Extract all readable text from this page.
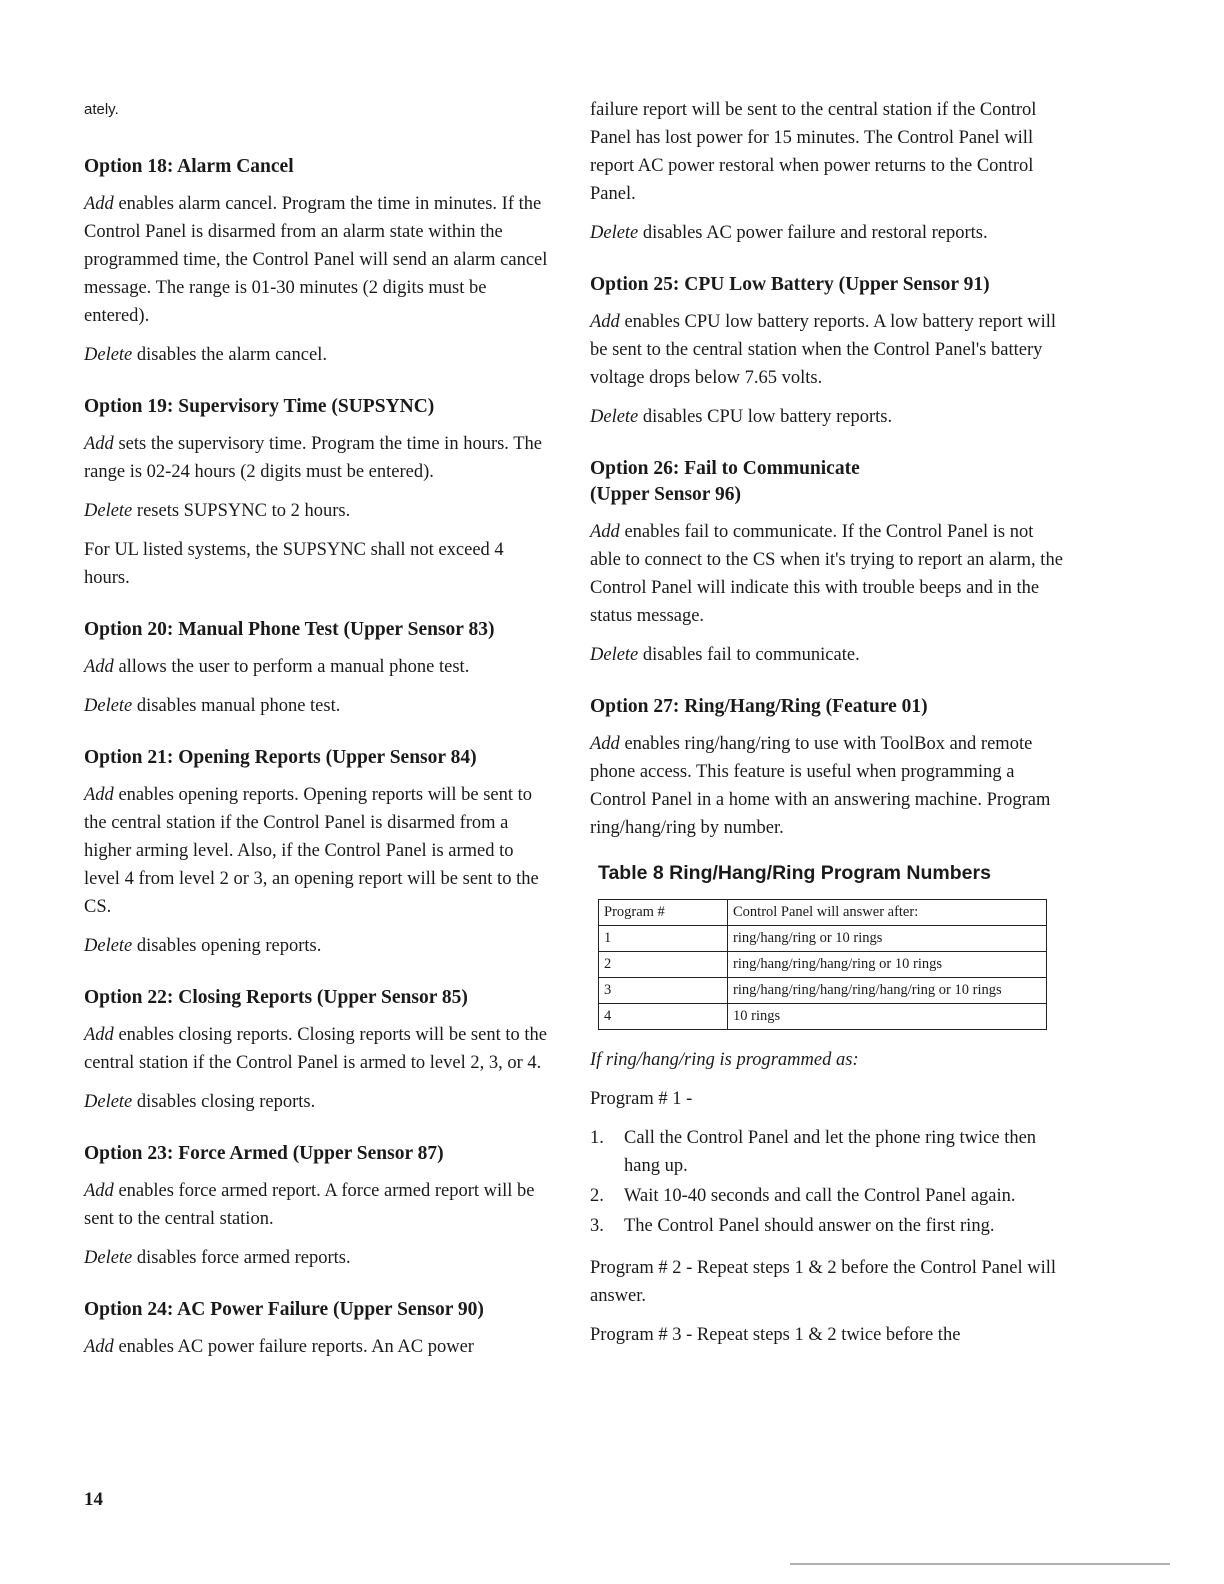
ately.

Option 18: Alarm Cancel

Add enables alarm cancel. Program the time in minutes. If the Control Panel is disarmed from an alarm state within the programmed time, the Control Panel will send an alarm cancel message. The range is 01-30 minutes (2 digits must be entered).

Delete disables the alarm cancel.

Option 19: Supervisory Time (SUPSYNC)

Add sets the supervisory time. Program the time in hours. The range is 02-24 hours (2 digits must be entered).

Delete resets SUPSYNC to 2 hours.

For UL listed systems, the SUPSYNC shall not exceed 4 hours.

Option 20: Manual Phone Test (Upper Sensor 83)

Add allows the user to perform a manual phone test.

Delete disables manual phone test.

Option 21: Opening Reports (Upper Sensor 84)

Add enables opening reports. Opening reports will be sent to the central station if the Control Panel is disarmed from a higher arming level. Also, if the Control Panel is armed to level 4 from level 2 or 3, an opening report will be sent to the CS.

Delete disables opening reports.

Option 22: Closing Reports (Upper Sensor 85)

Add enables closing reports. Closing reports will be sent to the central station if the Control Panel is armed to level 2, 3, or 4.

Delete disables closing reports.

Option 23: Force Armed (Upper Sensor 87)

Add enables force armed report. A force armed report will be sent to the central station.

Delete disables force armed reports.

Option 24: AC Power Failure (Upper Sensor 90)

Add enables AC power failure reports. An AC power

failure report will be sent to the central station if the Control Panel has lost power for 15 minutes. The Control Panel will report AC power restoral when power returns to the Control Panel.

Delete disables AC power failure and restoral reports.

Option 25: CPU Low Battery (Upper Sensor 91)

Add enables CPU low battery reports. A low battery report will be sent to the central station when the Control Panel's battery voltage drops below 7.65 volts.

Delete disables CPU low battery reports.

Option 26: Fail to Communicate
(Upper Sensor 96)

Add enables fail to communicate. If the Control Panel is not able to connect to the CS when it's trying to report an alarm, the Control Panel will indicate this with trouble beeps and in the status message.

Delete disables fail to communicate.

Option 27: Ring/Hang/Ring (Feature 01)

Add enables ring/hang/ring to use with ToolBox and remote phone access. This feature is useful when programming a Control Panel in a home with an answering machine. Program ring/hang/ring by number.

Table 8 Ring/Hang/Ring Program Numbers
Program #	Control Panel will answer after:
1	ring/hang/ring or 10 rings
2	ring/hang/ring/hang/ring or 10 rings
3	ring/hang/ring/hang/ring/hang/ring or 10 rings
4	10 rings

If ring/hang/ring is programmed as:

Program # 1 -

1. Call the Control Panel and let the phone ring twice then hang up.
2. Wait 10-40 seconds and call the Control Panel again.
3. The Control Panel should answer on the first ring.

Program # 2 - Repeat steps 1 & 2 before the Control Panel will answer.

Program # 3 - Repeat steps 1 & 2 twice before the

14
